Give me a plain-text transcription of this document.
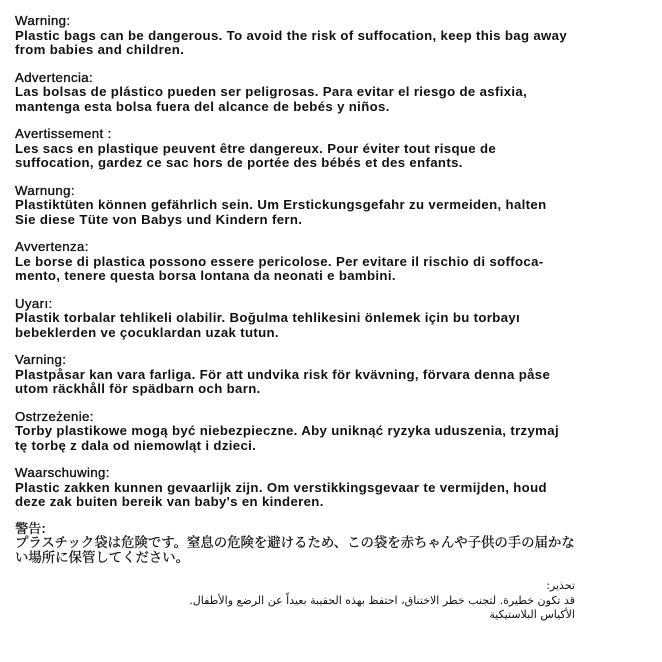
Warning:
Plastic bags can be dangerous. To avoid the risk of suffocation, keep this bag away
from babies and children.
Advertencia:
Las bolsas de plástico pueden ser peligrosas. Para evitar el riesgo de asfixia,
mantenga esta bolsa fuera del alcance de bebés y niños.
Avertissement :
Les sacs en plastique peuvent être dangereux. Pour éviter tout risque de
suffocation, gardez ce sac hors de portée des bébés et des enfants.
Warnung:
Plastiktüten können gefährlich sein. Um Erstickungsgefahr zu vermeiden, halten
Sie diese Tüte von Babys und Kindern fern.
Avvertenza:
Le borse di plastica possono essere pericolose. Per evitare il rischio di soffoca-
mento, tenere questa borsa lontana da neonati e bambini.
Uyarı:
Plastik torbalar tehlikeli olabilir. Boğulma tehlikesini önlemek için bu torbayı
bebeklerden ve çocuklardan uzak tutun.
Varning:
Plastpåsar kan vara farliga. För att undvika risk för kvävning, förvara denna påse
utom räckhåll för spädbarn och barn.
Ostrzeżenie:
Torby plastikowe mogą być niebezpieczne. Aby uniknąć ryzyka uduszenia, trzymaj
tę torbę z dala od niemowląt i dzieci.
Waarschuwing:
Plastic zakken kunnen gevaarlijk zijn. Om verstikkingsgevaar te vermijden, houd
deze zak buiten bereik van baby's en kinderen.
警告:
プラスチック袋は危険です。窒息の危険を避けるため、この袋を赤ちゃんや子供の手の届かな
い場所に保管してください。
تحذير:
قد تكون خطيرة. لتجنب خطر الاختناق، احتفظ بهذه الحقيبة بعيداً عن الرضع والأطفال.
الأكياس البلاستيكية
